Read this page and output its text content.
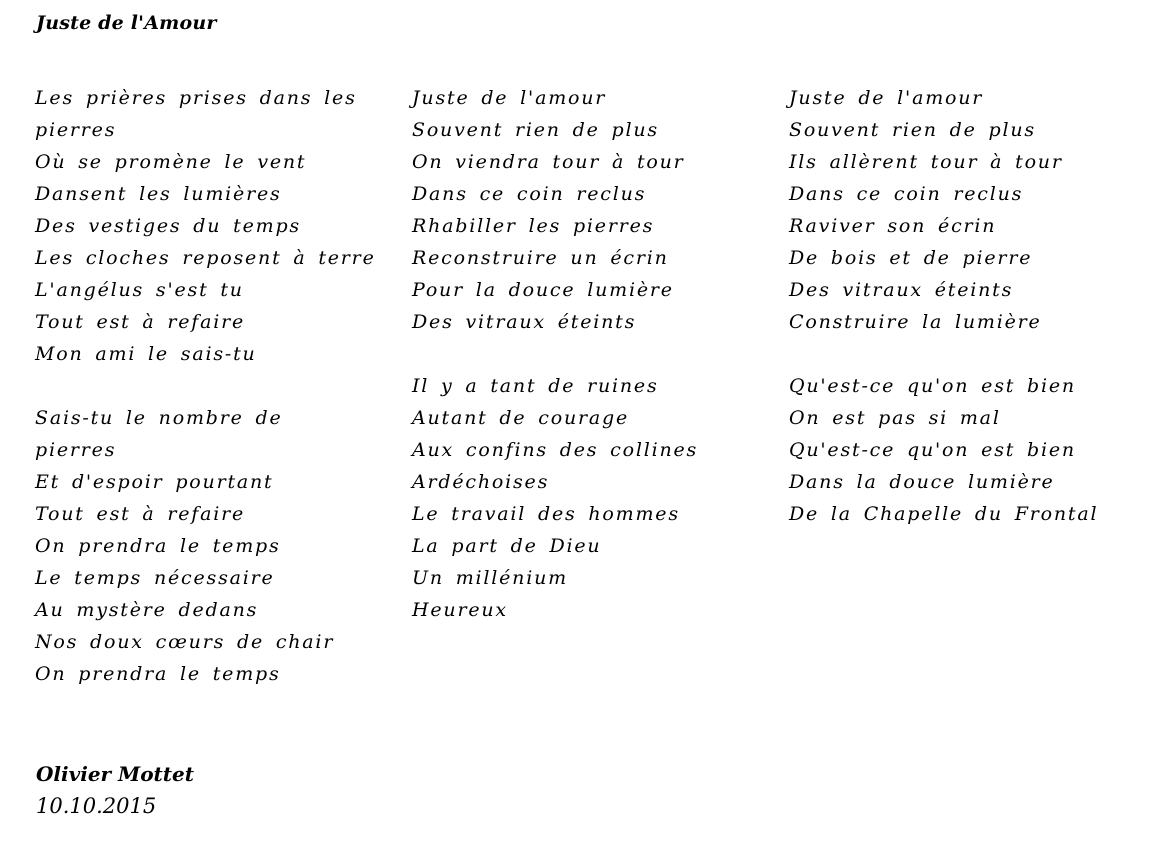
Juste de l'Amour
Les prières prises dans les
pierres
Où se promène le vent
Dansent les lumières
Des vestiges du temps
Les cloches reposent à terre
L'angélus s'est tu
Tout est à refaire
Mon ami le sais-tu
Sais-tu le nombre de
pierres
Et d'espoir pourtant
Tout est à refaire
On prendra le temps
Le temps nécessaire
Au mystère dedans
Nos doux cœurs de chair
On prendra le temps
Juste de l'amour
Souvent rien de plus
On viendra tour à tour
Dans ce coin reclus
Rhabiller les pierres
Reconstruire un écrin
Pour la douce lumière
Des vitraux éteints
Il y a tant de ruines
Autant de courage
Aux confins des collines
Ardéchoises
Le travail des hommes
La part de Dieu
Un millénium
Heureux
Juste de l'amour
Souvent rien de plus
Ils allèrent tour à tour
Dans ce coin reclus
Raviver son écrin
De bois et de pierre
Des vitraux éteints
Construire la lumière
Qu'est-ce qu'on est bien
On est pas si mal
Qu'est-ce qu'on est bien
Dans la douce lumière
De la Chapelle du Frontal
Olivier Mottet
10.10.2015
